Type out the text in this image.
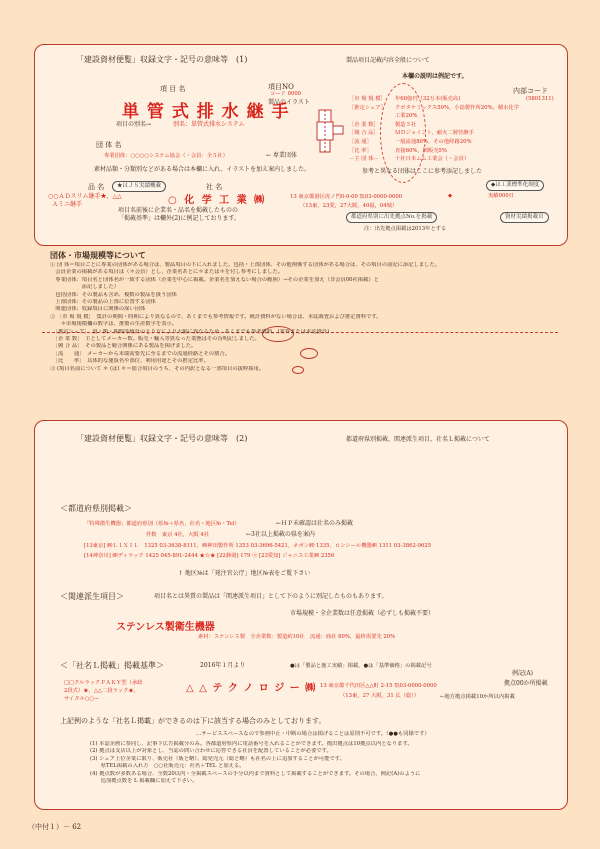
「建設資材便覧」収録文字・記号の意味等　(1)	製品項目記載内容全般について
項 目 名	項目NO
コード 0000
製品のイラスト
本欄の説明は例記です。
内部コード
(5801311)
単 管 式 排 水 継 手
項目の別名→	別名：単管式排水システム
団 体 名
専業団体：○○○○システム協会（・会員：全５社）	← 専業団体
素材品類・分類別などがある場合は本欄に入れ、イラストを加え案内しました。
品 名	★はＪＳ実績概載	社 名
○○ＡＤスリム継手★，△△
Ａミニ継手	○ 化 学 工 業 ㈱	13 東京都港区虎ノ門0-0-00 ℡03-0000-0000	◆	実績000日
◆は工業標準化制度
（13東，23愛，27大阪，40福，04城）
項目名前後に企業名・品名を掲載したものの
「掲載基準」は欄外(2)に例記しております。	都道府県別に出先拠点No.を掲載	資材実績掲載頁
注：出先拠点掲載は2013年とする
［市 場 規 模］ 年60億円（32万本(販売高)
［推定シェア］ クボタケミックス50%，小島製作所20%，積水化学
工業20%
［企 業 数］	製造５社
［競 合 品］	ＭＤジョイント，耐火二層管継手
［流 通］	一般流通80%，その他経路20%
［比 率］	直接60%，卸販売5%
－主 団 体－	十社日本ムム工業会（・会員）
参考と異なる団体はここに参考添記しました
団体・市場規模等について
① 団 体＝項目ごとに専業の団体がある場合は、製品項目の下に入れました。包括・上部団体、その他関係する団体がある場合は、その項目の前記に添記しました。
　会員企業の掲載がある項目は（＊会員）とし、企業名あとに＊または＊を付し参考にしました。
　専業団体：項目名と団体名が一致する団体（企業を中心に掲載。企業名を加えない場合の範囲）→その企業を加え（非会員00社掲載）と
　　　　　　添記しました）
　包括団体：その製品も含め、複数の製品を扱う団体
　上部団体：その製品の上部に位置する団体
　関連団体：収録項目に関係の深い団体
② ［市 場 規 模］　集計の期間・時期により異なるので、あくまでも参考情報です。統計資料がない場合は、本誌調査および推定資料です。
　　＊市場規模欄の数字は、推製の生産数字を表示。
　［推定シェア］　量・額・期間等統計のとり方により大幅に異なるため、あくまでも参考資料。(業界または本誌推計)
　［企 業 数］　主としてメーカー数。販売・輸入等異なった業態はその旨明記しました。
　［競 合 品］　その製品と競合関係にある製品を掲げました。
　［流　　通］　メーカーから末端需要先に至るまでの流通経路とその割合。
　［比　　率］　具体的な施設名や部位、利用用途とその推定比率。
③ (項目名前について ＊ (は) ＊＝総合項目のうち、その内訳となる一部項目の抜粋採用。
「建設資材便覧」収録文字・記号の意味等　(2)	都道府県別掲載、関連派生項目、社名Ｌ掲載について
＜都道府県別掲載＞
「特殊衛生機器」都道府県別（県№＋県名，社名・地区№・Tel）	←ＨＰ未確認は社名のみ掲載
件数　東京 4社，大阪 4社	←3社以上掲載の県を案内
[13東京] ㈱ＬＩＸＩＬ　1325 03-3638-8111，㈱神田製作所 1353 03-3696-5421，ネポン㈱ 1335，ロンシール機器㈱ 1311 03-3862-9625
[14神奈川] ㈱ディラック 1425 045-891-2444 ★☆★ [22静岡] 179 ⓐ [23愛知] ジャニス工業㈱ 2356
↑ 地区№は「発注官公庁」地区№表をご覧下さい
＜関連派生項目＞	項目名とは異質の製品は「関連派生項目」として下のように別記したものもあります。
市場規模・全企業数は任意掲載（必ずしも掲載不要）
ステンレス製衛生機器
素材：ステンレス製　全企業数：製造約10社　流通：商社 80%，最終需要先 20%
＜「社名Ｌ掲載」掲載基準＞	2016年１月より	●は「製品と施工実績」掲載，●は「基準価格」の掲載記号
例記(A)
□□クルラックＰＡＫＹ型（承政
2段式）★，△△二段ラック★，
サイタル○○→
△ △ テ ク ノ ロ ジ ー ㈱ 13 東京都千代田区△△町 2-15 ℡03-0000-0000
（13東，27 大阪，31 広（総））
拠点00か所掲載
←地方拠点掲載10か所以内掲載
上記例のような「社名Ｌ掲載」ができるのは下に該当する場合のみとしております。
…サービススペースなので参画中止・中断の場合は掲げることは原則不可です。（●●も同様です）
(1) 本誌企画に参同し、記事下広告掲載分のみ。各都道府県内に電話番号を入れることができます。拠出拠点は10拠点以内となります。
(2) 拠点は支店以上が対象とし、当誌の問い合わせに応答できる社員を配置していることが必要です。
(3) シェア上位企業に限り、販売社（販と略）、総発売元（総と略）も社名の上に追加することが可能です。
　　県TEL掲載の入れ方　○○社販売元：社名＋TEL と加える。
(4) 拠点数が多数ある場合、全数20以内・全掲載スペースの手分以内まで資料として掲載することができます。その場合、例記(A)のように
　　追加拠点数を L 掲載欄に加えて下さい。
（中付１）－ 62
